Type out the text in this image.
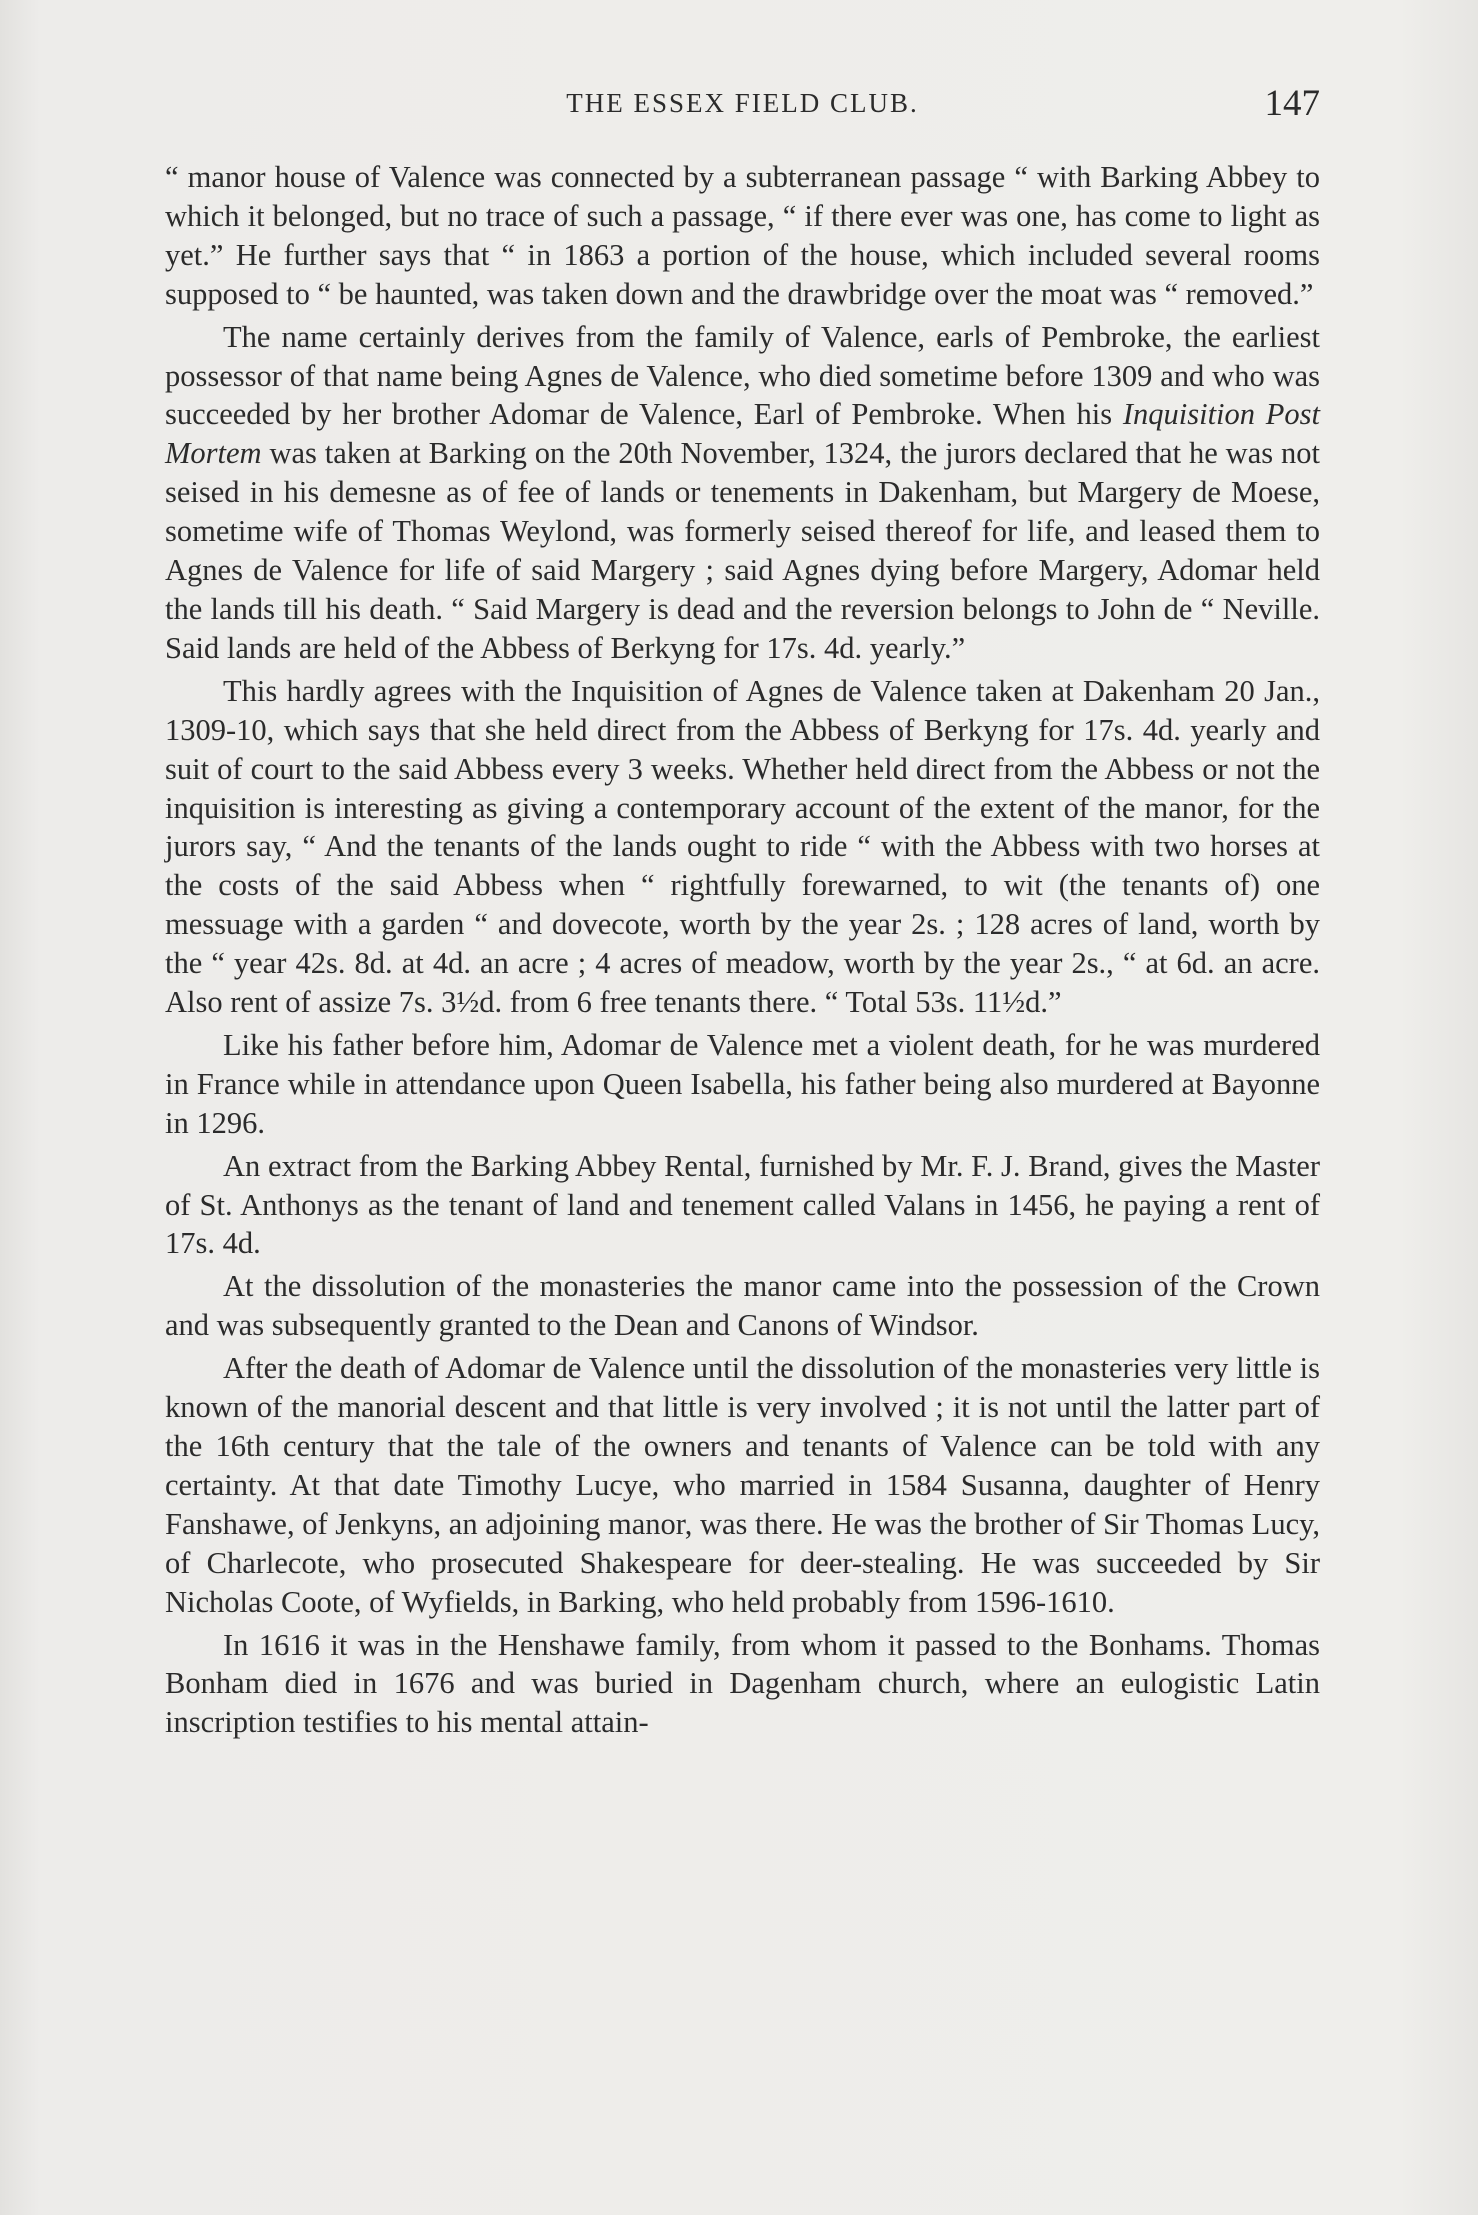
THE ESSEX FIELD CLUB.	147

“ manor house of Valence was connected by a subterranean passage “ with Barking Abbey to which it belonged, but no trace of such a passage, “ if there ever was one, has come to light as yet.” He further says that “ in 1863 a portion of the house, which included several rooms supposed to “ be haunted, was taken down and the drawbridge over the moat was “ removed.”

The name certainly derives from the family of Valence, earls of Pembroke, the earliest possessor of that name being Agnes de Valence, who died sometime before 1309 and who was succeeded by her brother Adomar de Valence, Earl of Pembroke. When his Inquisition Post Mortem was taken at Barking on the 20th November, 1324, the jurors declared that he was not seised in his demesne as of fee of lands or tenements in Dakenham, but Margery de Moese, sometime wife of Thomas Weylond, was formerly seised thereof for life, and leased them to Agnes de Valence for life of said Margery ; said Agnes dying before Margery, Adomar held the lands till his death. “ Said Margery is dead and the reversion belongs to John de “ Neville. Said lands are held of the Abbess of Berkyng for 17s. 4d. yearly.”

This hardly agrees with the Inquisition of Agnes de Valence taken at Dakenham 20 Jan., 1309-10, which says that she held direct from the Abbess of Berkyng for 17s. 4d. yearly and suit of court to the said Abbess every 3 weeks. Whether held direct from the Abbess or not the inquisition is interesting as giving a contemporary account of the extent of the manor, for the jurors say, “ And the tenants of the lands ought to ride “ with the Abbess with two horses at the costs of the said Abbess when “ rightfully forewarned, to wit (the tenants of) one messuage with a garden “ and dovecote, worth by the year 2s. ; 128 acres of land, worth by the “ year 42s. 8d. at 4d. an acre ; 4 acres of meadow, worth by the year 2s., “ at 6d. an acre. Also rent of assize 7s. 3½d. from 6 free tenants there. “ Total 53s. 11½d.”

Like his father before him, Adomar de Valence met a violent death, for he was murdered in France while in attendance upon Queen Isabella, his father being also murdered at Bayonne in 1296.

An extract from the Barking Abbey Rental, furnished by Mr. F. J. Brand, gives the Master of St. Anthonys as the tenant of land and tenement called Valans in 1456, he paying a rent of 17s. 4d.

At the dissolution of the monasteries the manor came into the possession of the Crown and was subsequently granted to the Dean and Canons of Windsor.

After the death of Adomar de Valence until the dissolution of the monasteries very little is known of the manorial descent and that little is very involved ; it is not until the latter part of the 16th century that the tale of the owners and tenants of Valence can be told with any certainty. At that date Timothy Lucye, who married in 1584 Susanna, daughter of Henry Fanshawe, of Jenkyns, an adjoining manor, was there. He was the brother of Sir Thomas Lucy, of Charlecote, who prosecuted Shakespeare for deer-stealing. He was succeeded by Sir Nicholas Coote, of Wyfields, in Barking, who held probably from 1596-1610.

In 1616 it was in the Henshawe family, from whom it passed to the Bonhams. Thomas Bonham died in 1676 and was buried in Dagenham church, where an eulogistic Latin inscription testifies to his mental attain-
